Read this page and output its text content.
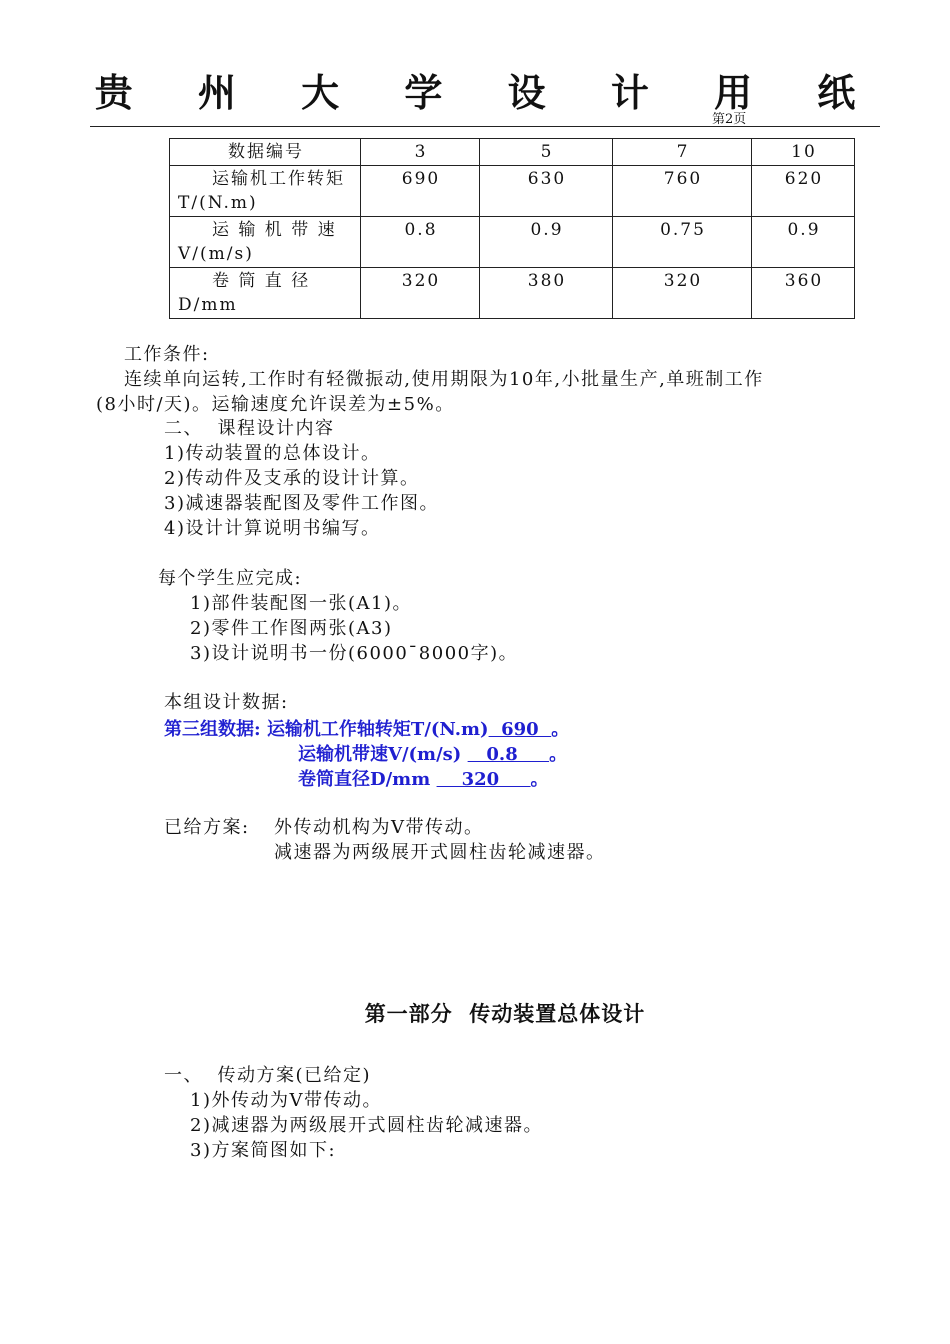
贵 州 大 学 设 计 用 纸
第2页
数据编号	3	5	7	10
运输机工作转矩T/(N.m)	690	630	760	620
运 输 机 带 速V/(m/s)	0.8	0.9	0.75	0.9
卷 筒 直 径 D/mm	320	380	320	360
工作条件:
连续单向运转,工作时有轻微振动,使用期限为10年,小批量生产,单班制工作
(8小时/天)。运输速度允许误差为±5%。
二、  课程设计内容
1)传动装置的总体设计。
2)传动件及支承的设计计算。
3)减速器装配图及零件工作图。
4)设计计算说明书编写。
每个学生应完成:
1)部件装配图一张(A1)。
2)零件工作图两张(A3)
3)设计说明书一份(6000¯8000字)。
本组设计数据:
第三组数据: 运输机工作轴转矩T/(N.m)  690  。
运输机带速V/(m/s)    0.8     。
卷筒直径D/mm     320     。
已给方案: 外传动机构为V带传动。
减速器为两级展开式圆柱齿轮减速器。
第一部分  传动装置总体设计
一、  传动方案(已给定)
1)外传动为V带传动。
2)减速器为两级展开式圆柱齿轮减速器。
3)方案简图如下:
